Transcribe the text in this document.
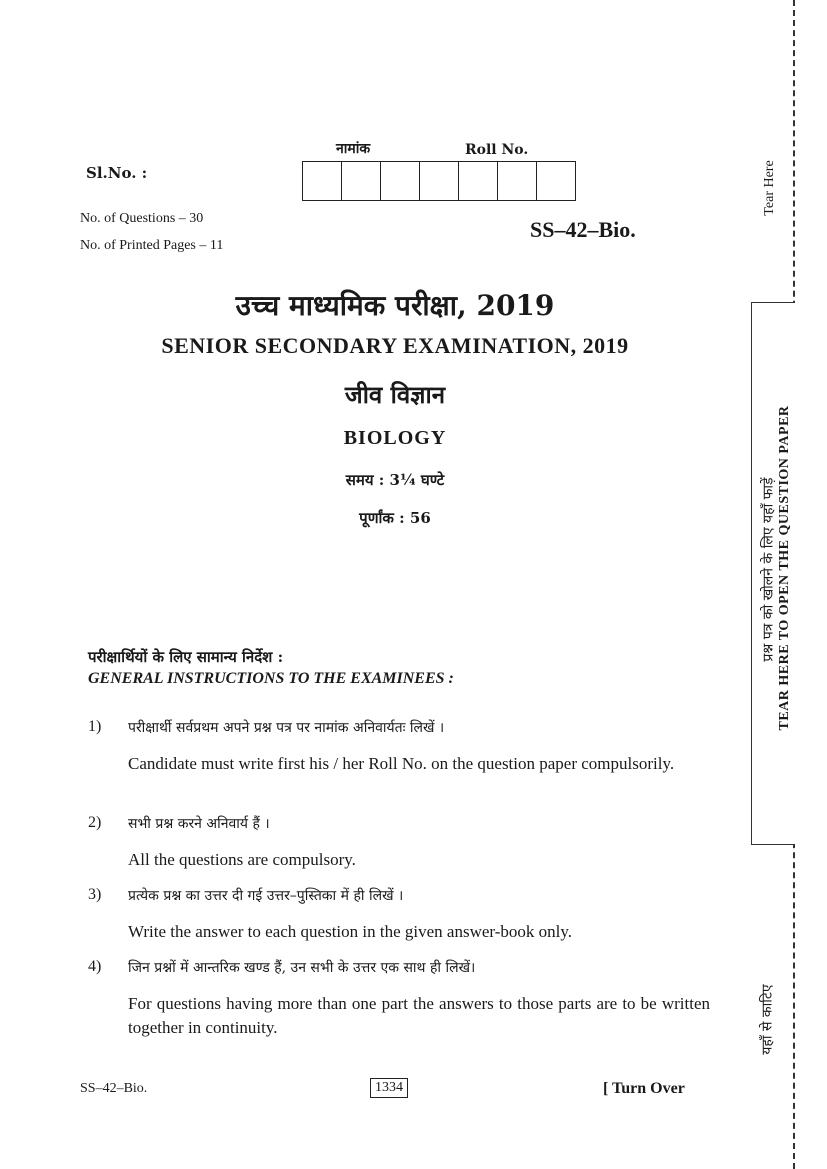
Sl.No. :
नामांक	Roll No.
No. of Questions – 30
No. of Printed Pages – 11
SS–42–Bio.
उच्च माध्यमिक परीक्षा, 2019
SENIOR SECONDARY EXAMINATION, 2019
जीव विज्ञान
BIOLOGY
समय : 3¼ घण्टे
पूर्णांक : 56
परीक्षार्थियों के लिए सामान्य निर्देश :
GENERAL INSTRUCTIONS TO THE EXAMINEES :
1) परीक्षार्थी सर्वप्रथम अपने प्रश्न पत्र पर नामांक अनिवार्यतः लिखें ।
Candidate must write first his / her Roll No. on the question paper compulsorily.
2) सभी प्रश्न करने अनिवार्य हैं ।
All the questions are compulsory.
3) प्रत्येक प्रश्न का उत्तर दी गई उत्तर–पुस्तिका में ही लिखें ।
Write the answer to each question in the given answer-book only.
4) जिन प्रश्नों में आन्तरिक खण्ड हैं, उन सभी के उत्तर एक साथ ही लिखें।
For questions having more than one part the answers to those parts are to be written together in continuity.
SS–42–Bio.	1334	[ Turn Over
Tear Here
प्रश्न पत्र को खोलने के लिए यहाँ फाड़ें TEAR HERE TO OPEN THE QUESTION PAPER
यहाँ से काटिए
